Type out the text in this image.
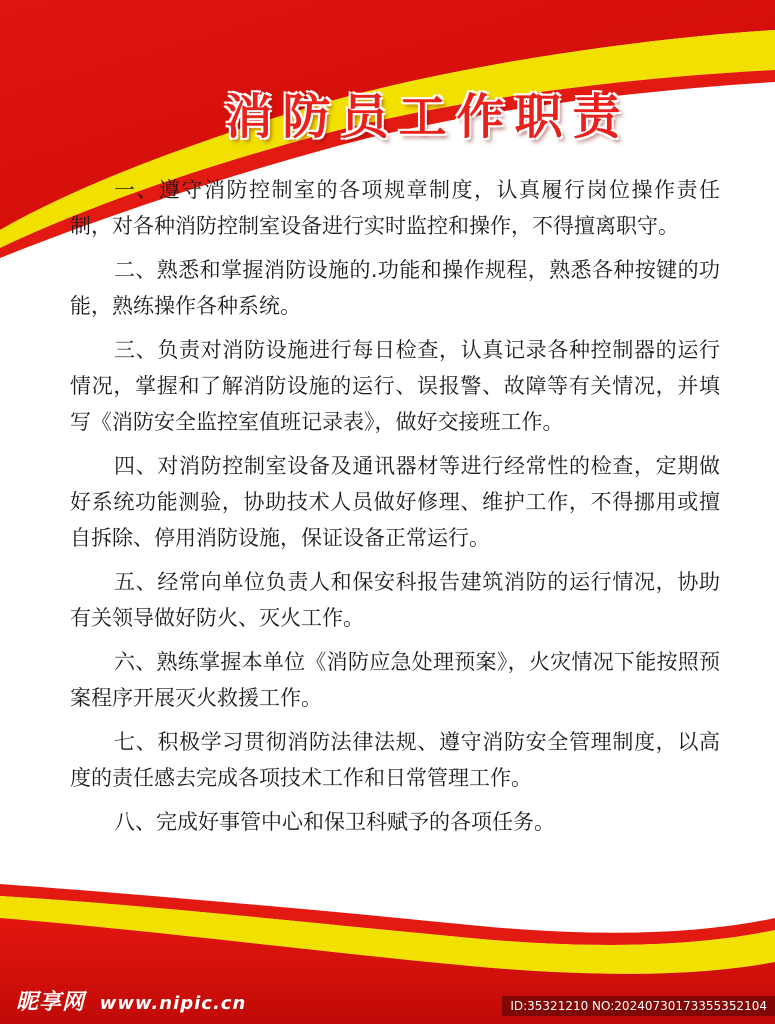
消防员工作职责

一、遵守消防控制室的各项规章制度，认真履行岗位操作责任制，对各种消防控制室设备进行实时监控和操作，不得擅离职守。

二、熟悉和掌握消防设施的.功能和操作规程，熟悉各种按键的功能，熟练操作各种系统。

三、负责对消防设施进行每日检查，认真记录各种控制器的运行情况，掌握和了解消防设施的运行、误报警、故障等有关情况，并填写《消防安全监控室值班记录表》，做好交接班工作。

四、对消防控制室设备及通讯器材等进行经常性的检查，定期做好系统功能测验，协助技术人员做好修理、维护工作，不得挪用或擅自拆除、停用消防设施，保证设备正常运行。

五、经常向单位负责人和保安科报告建筑消防的运行情况，协助有关领导做好防火、灭火工作。

六、熟练掌握本单位《消防应急处理预案》，火灾情况下能按照预案程序开展灭火救援工作。

七、积极学习贯彻消防法律法规、遵守消防安全管理制度，以高度的责任感去完成各项技术工作和日常管理工作。

八、完成好事管中心和保卫科赋予的各项任务。

昵享网 www.nipic.cn	ID:35321210 NO:20240730173355352104
